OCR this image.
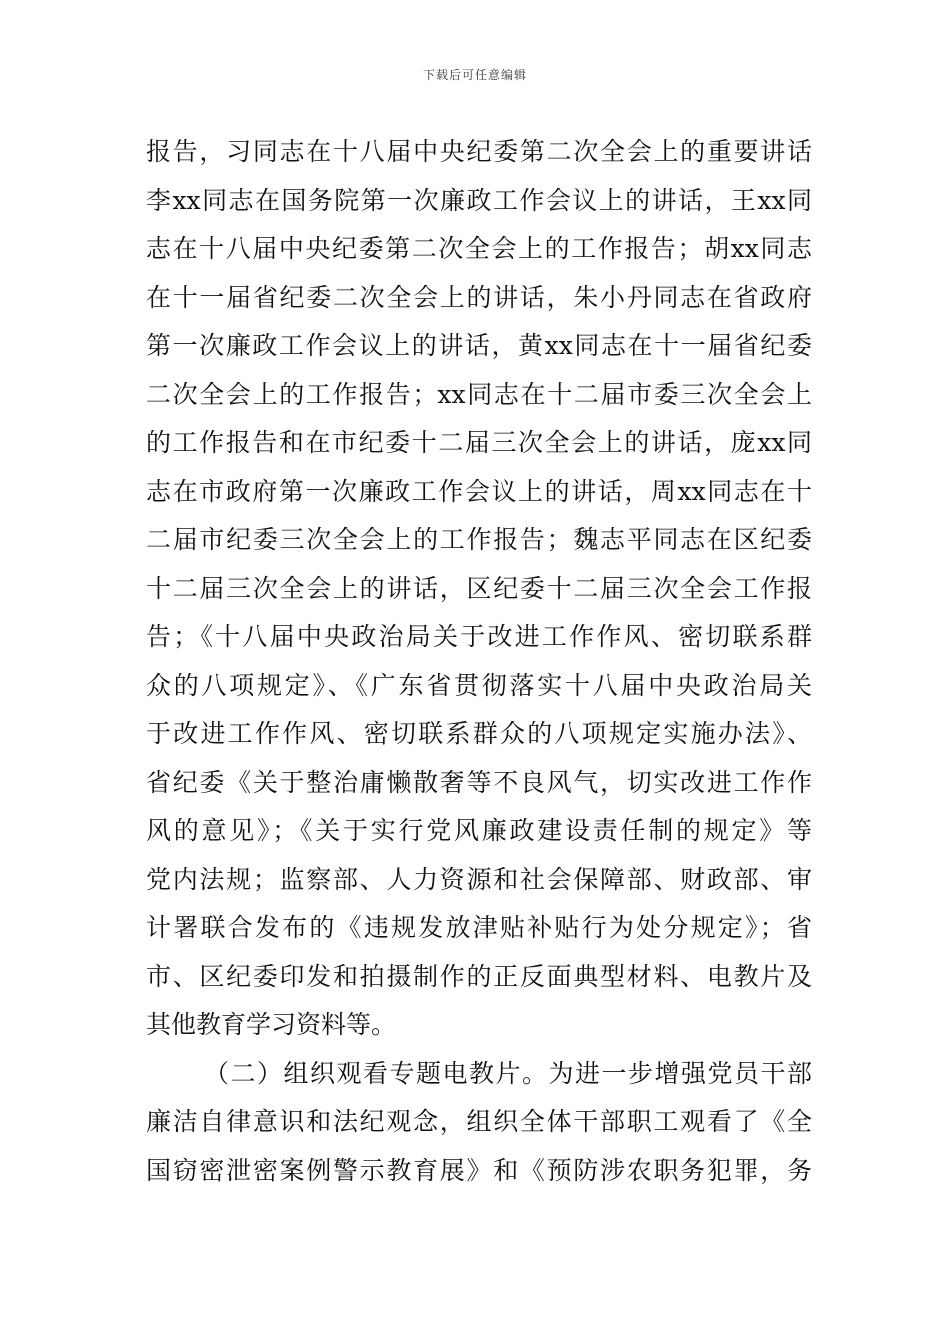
下载后可任意编辑
报告，习同志在十八届中央纪委第二次全会上的重要讲话
李xx同志在国务院第一次廉政工作会议上的讲话，王xx同
志在十八届中央纪委第二次全会上的工作报告；胡xx同志
在十一届省纪委二次全会上的讲话，朱小丹同志在省政府
第一次廉政工作会议上的讲话，黄xx同志在十一届省纪委
二次全会上的工作报告；xx同志在十二届市委三次全会上
的工作报告和在市纪委十二届三次全会上的讲话，庞xx同
志在市政府第一次廉政工作会议上的讲话，周xx同志在十
二届市纪委三次全会上的工作报告；魏志平同志在区纪委
十二届三次全会上的讲话，区纪委十二届三次全会工作报
告；《十八届中央政治局关于改进工作作风、密切联系群
众的八项规定》、《广东省贯彻落实十八届中央政治局关
于改进工作作风、密切联系群众的八项规定实施办法》、
省纪委《关于整治庸懒散奢等不良风气，切实改进工作作
风的意见》；《关于实行党风廉政建设责任制的规定》等
党内法规；监察部、人力资源和社会保障部、财政部、审
计署联合发布的《违规发放津贴补贴行为处分规定》；省
市、区纪委印发和拍摄制作的正反面典型材料、电教片及
其他教育学习资料等。
（二）组织观看专题电教片。为进一步增强党员干部
廉洁自律意识和法纪观念，组织全体干部职工观看了《全
国窃密泄密案例警示教育展》和《预防涉农职务犯罪，务
